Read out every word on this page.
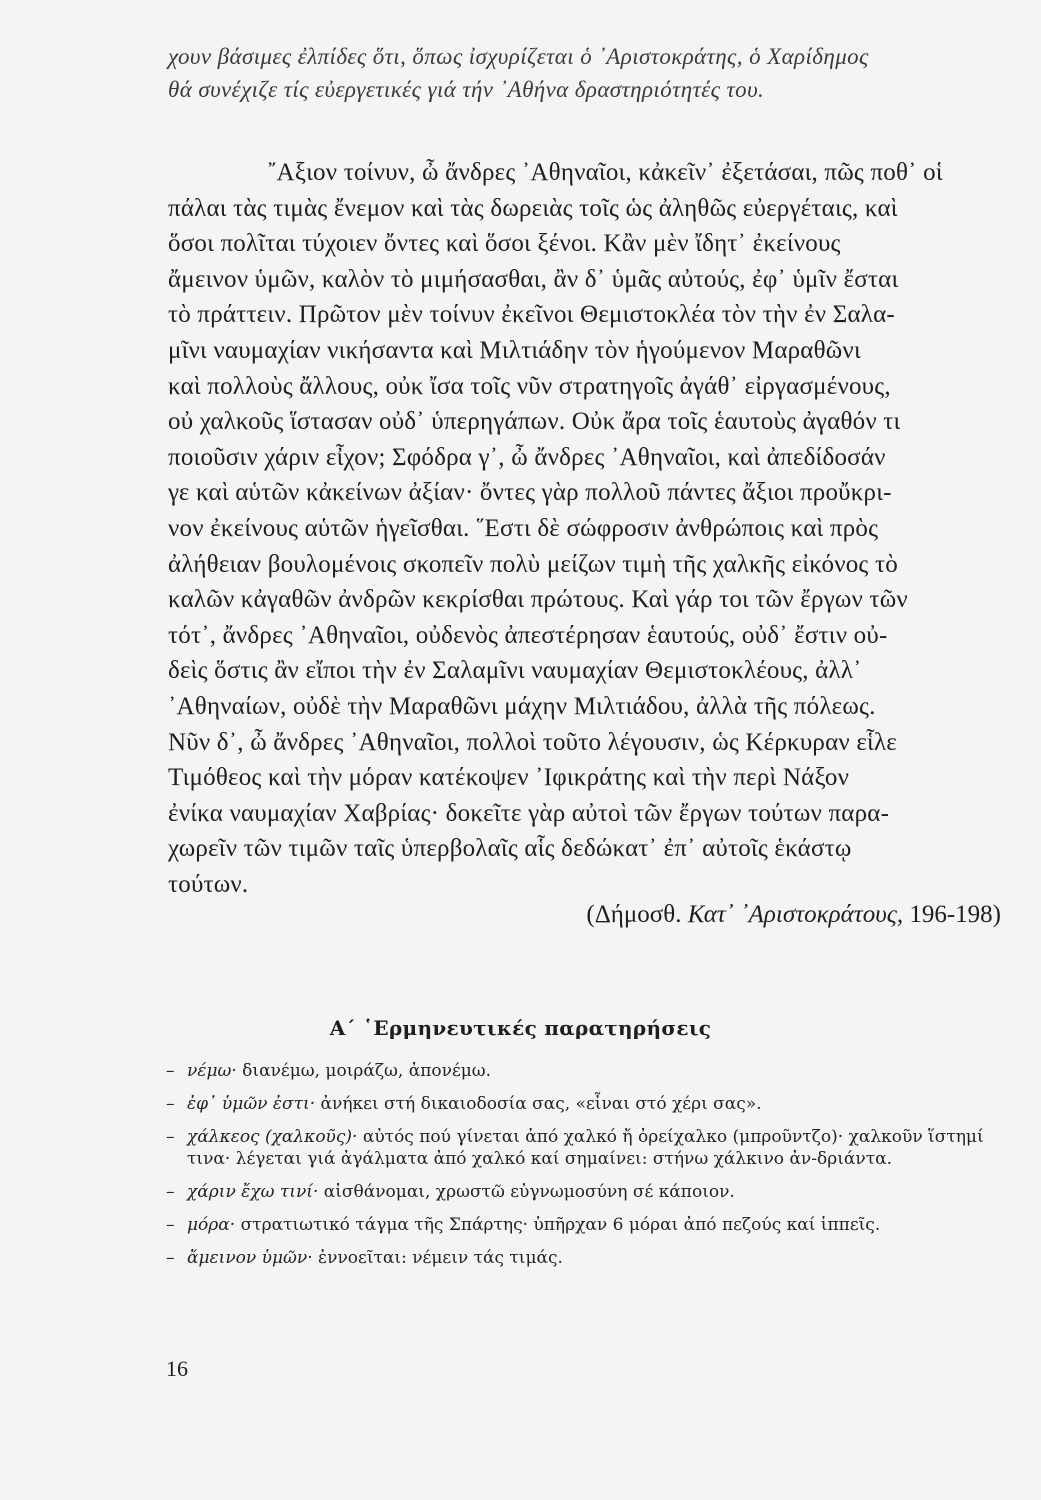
χουν βάσιμες ἐλπίδες ὅτι, ὅπως ἰσχυρίζεται ὁ ᾿Αριστοκράτης, ὁ Χαρίδημος

θά συνέχιζε τίς εὐεργετικές γιά τήν ᾿Αθήνα δραστηριότητές του.

῎Αξιον τοίνυν, ὦ ἄνδρες ᾿Αθηναῖοι, κἀκεῖν᾿ ἐξετάσαι, πῶς ποθ᾿ οἱ

πάλαι τὰς τιμὰς ἔνεμον καὶ τὰς δωρειὰς τοῖς ὡς ἀληθῶς εὐεργέταις, καὶ

ὅσοι πολῖται τύχοιεν ὄντες καὶ ὅσοι ξένοι. Κἂν μὲν ἴδητ᾿ ἐκείνους

ἄμεινον ὑμῶν, καλὸν τὸ μιμήσασθαι, ἂν δ᾿ ὑμᾶς αὐτούς, ἐφ᾿ ὑμῖν ἔσται

τὸ πράττειν. Πρῶτον μὲν τοίνυν ἐκεῖνοι Θεμιστοκλέα τὸν τὴν ἐν Σαλα-

μῖνι ναυμαχίαν νικήσαντα καὶ Μιλτιάδην τὸν ἡγούμενον Μαραθῶνι

καὶ πολλοὺς ἄλλους, οὐκ ἴσα τοῖς νῦν στρατηγοῖς ἀγάθ᾿ εἰργασμένους,

οὐ χαλκοῦς ἵστασαν οὐδ᾿ ὑπερηγάπων. Οὐκ ἄρα τοῖς ἑαυτοὺς ἀγαθόν τι

ποιοῦσιν χάριν εἶχον; Σφόδρα γ᾿, ὦ ἄνδρες ᾿Αθηναῖοι, καὶ ἀπεδίδοσάν

γε καὶ αὑτῶν κἀκείνων ἀξίαν· ὄντες γὰρ πολλοῦ πάντες ἄξιοι προὔκρι-

νον ἐκείνους αὑτῶν ἡγεῖσθαι. ῞Εστι δὲ σώφροσιν ἀνθρώποις καὶ πρὸς

ἀλήθειαν βουλομένοις σκοπεῖν πολὺ μείζων τιμὴ τῆς χαλκῆς εἰκόνος τὸ

καλῶν κἀγαθῶν ἀνδρῶν κεκρίσθαι πρώτους. Καὶ γάρ τοι τῶν ἔργων τῶν

τότ᾿, ἄνδρες ᾿Αθηναῖοι, οὐδενὸς ἀπεστέρησαν ἑαυτούς, οὐδ᾿ ἔστιν οὐ-

δεὶς ὅστις ἂν εἴποι τὴν ἐν Σαλαμῖνι ναυμαχίαν Θεμιστοκλέους, ἀλλ᾿

᾿Αθηναίων, οὐδὲ τὴν Μαραθῶνι μάχην Μιλτιάδου, ἀλλὰ τῆς πόλεως.

Νῦν δ᾿, ὦ ἄνδρες ᾿Αθηναῖοι, πολλοὶ τοῦτο λέγουσιν, ὡς Κέρκυραν εἷλε

Τιμόθεος καὶ τὴν μόραν κατέκοψεν ᾿Ιφικράτης καὶ τὴν περὶ Νάξον

ἐνίκα ναυμαχίαν Χαβρίας· δοκεῖτε γὰρ αὐτοὶ τῶν ἔργων τούτων παρα-

χωρεῖν τῶν τιμῶν ταῖς ὑπερβολαῖς αἷς δεδώκατ᾿ ἐπ᾿ αὐτοῖς ἑκάστῳ

τούτων.

(Δήμοσθ. Κατ᾿ ᾿Αριστοκράτους, 196-198)
Α΄ ῾Ερμηνευτικές παρατηρήσεις
– νέμω· διανέμω, μοιράζω, ἀπονέμω.
– ἐφ᾿ ὑμῶν ἐστι· ἀνήκει στή δικαιοδοσία σας, «εἶναι στό χέρι σας».
– χάλκεος (χαλκοῦς)· αὐτός πού γίνεται ἀπό χαλκό ἤ ὀρείχαλκο (μπροῦντζο)· χαλκοῦν ἵστημί τινα· λέγεται γιά ἀγάλματα ἀπό χαλκό καί σημαίνει: στήνω χάλκινο ἀν-δριάντα.
– χάριν ἔχω τινί· αἰσθάνομαι, χρωστῶ εὐγνωμοσύνη σέ κάποιον.
– μόρα· στρατιωτικό τάγμα τῆς Σπάρτης· ὑπῆρχαν 6 μόραι ἀπό πεζούς καί ἱππεῖς.
– ἄμεινον ὑμῶν· ἐννοεῖται: νέμειν τάς τιμάς.
16
